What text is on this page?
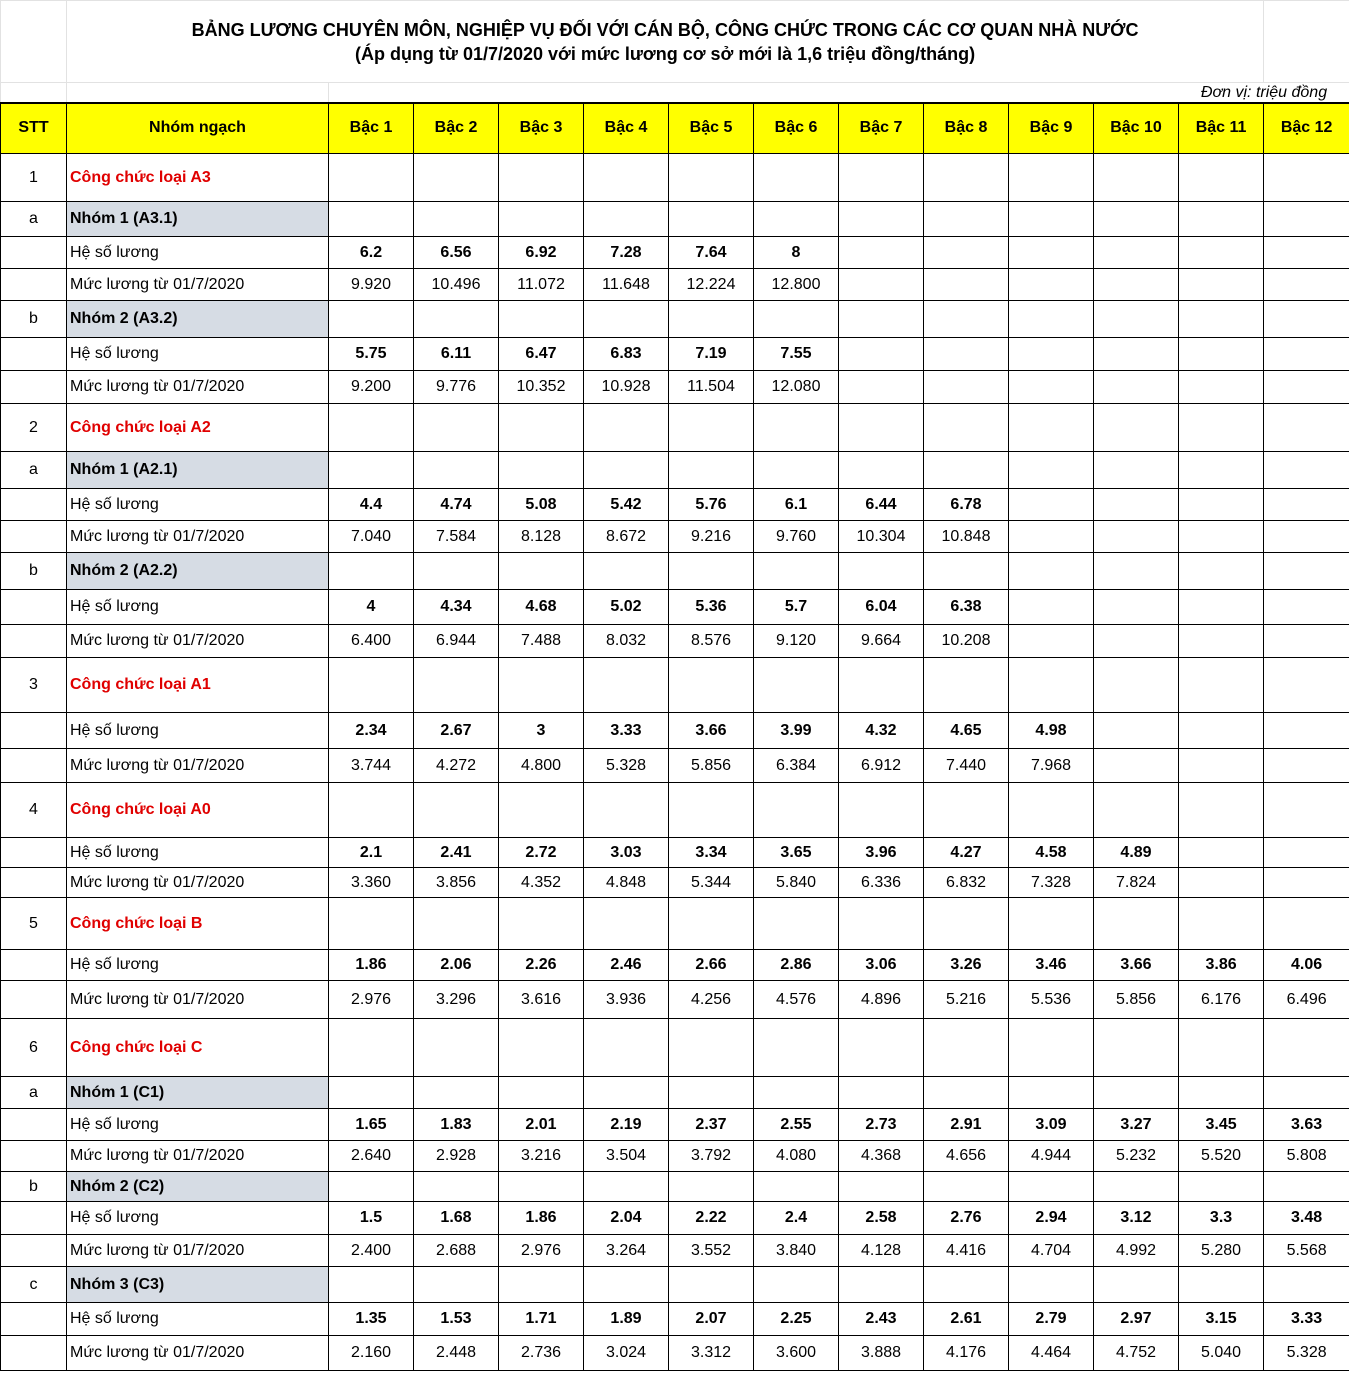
	BẢNG LƯƠNG CHUYÊN MÔN, NGHIỆP VỤ ĐỐI VỚI CÁN BỘ, CÔNG CHỨC TRONG CÁC CƠ QUAN NHÀ NƯỚC
(Áp dụng từ 01/7/2020 với mức lương cơ sở mới là 1,6 triệu đồng/tháng)												

		Đơn vị: triệu đồng											
STT	Nhóm ngạch	Bậc 1	Bậc 2	Bậc 3	Bậc 4	Bậc 5	Bậc 6	Bậc 7	Bậc 8	Bậc 9	Bậc 10	Bậc 11	Bậc 12
1	Công chức loại A3												
a	Nhóm 1 (A3.1)												
	Hệ số lương	6.2	6.56	6.92	7.28	7.64	8						
	Mức lương từ 01/7/2020	9.920	10.496	11.072	11.648	12.224	12.800						
b	Nhóm 2 (A3.2)												
	Hệ số lương	5.75	6.11	6.47	6.83	7.19	7.55						
	Mức lương từ 01/7/2020	9.200	9.776	10.352	10.928	11.504	12.080						
2	Công chức loại A2												
a	Nhóm 1 (A2.1)												
	Hệ số lương	4.4	4.74	5.08	5.42	5.76	6.1	6.44	6.78				
	Mức lương từ 01/7/2020	7.040	7.584	8.128	8.672	9.216	9.760	10.304	10.848				
b	Nhóm 2 (A2.2)												
	Hệ số lương	4	4.34	4.68	5.02	5.36	5.7	6.04	6.38				
	Mức lương từ 01/7/2020	6.400	6.944	7.488	8.032	8.576	9.120	9.664	10.208				
3	Công chức loại A1												
	Hệ số lương	2.34	2.67	3	3.33	3.66	3.99	4.32	4.65	4.98			
	Mức lương từ 01/7/2020	3.744	4.272	4.800	5.328	5.856	6.384	6.912	7.440	7.968			
4	Công chức loại A0												
	Hệ số lương	2.1	2.41	2.72	3.03	3.34	3.65	3.96	4.27	4.58	4.89		
	Mức lương từ 01/7/2020	3.360	3.856	4.352	4.848	5.344	5.840	6.336	6.832	7.328	7.824		
5	Công chức loại B												
	Hệ số lương	1.86	2.06	2.26	2.46	2.66	2.86	3.06	3.26	3.46	3.66	3.86	4.06
	Mức lương từ 01/7/2020	2.976	3.296	3.616	3.936	4.256	4.576	4.896	5.216	5.536	5.856	6.176	6.496
6	Công chức loại C												
a	Nhóm 1 (C1)												
	Hệ số lương	1.65	1.83	2.01	2.19	2.37	2.55	2.73	2.91	3.09	3.27	3.45	3.63
	Mức lương từ 01/7/2020	2.640	2.928	3.216	3.504	3.792	4.080	4.368	4.656	4.944	5.232	5.520	5.808
b	Nhóm 2 (C2)												
	Hệ số lương	1.5	1.68	1.86	2.04	2.22	2.4	2.58	2.76	2.94	3.12	3.3	3.48
	Mức lương từ 01/7/2020	2.400	2.688	2.976	3.264	3.552	3.840	4.128	4.416	4.704	4.992	5.280	5.568
c	Nhóm 3 (C3)												
	Hệ số lương	1.35	1.53	1.71	1.89	2.07	2.25	2.43	2.61	2.79	2.97	3.15	3.33
	Mức lương từ 01/7/2020	2.160	2.448	2.736	3.024	3.312	3.600	3.888	4.176	4.464	4.752	5.040	5.328
